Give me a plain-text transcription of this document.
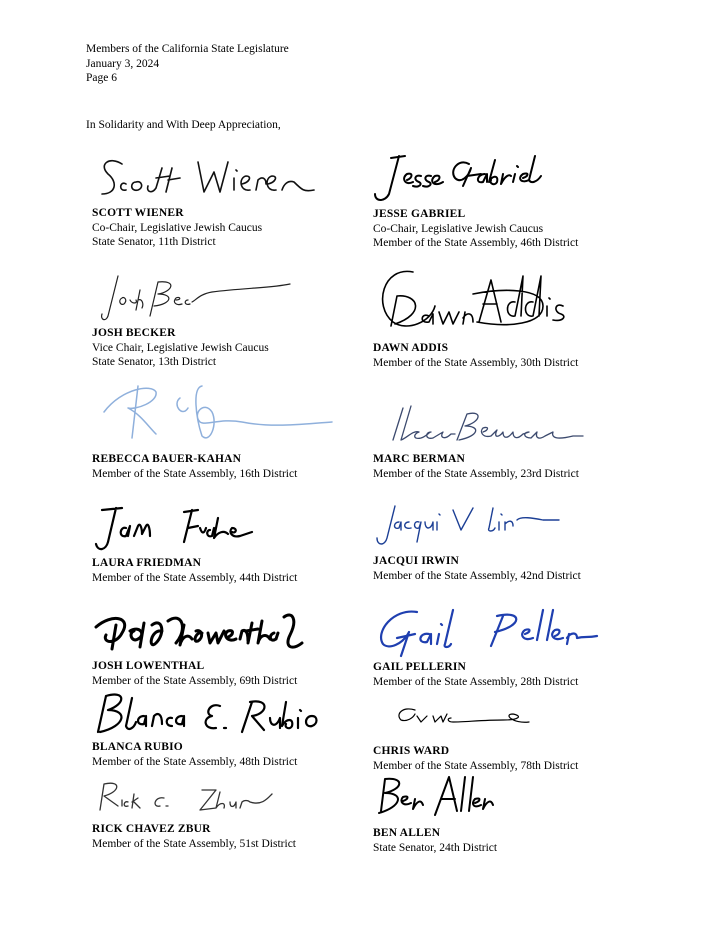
Members of the California State Legislature
January 3, 2024
Page 6
In Solidarity and With Deep Appreciation,
SCOTT WIENER
Co-Chair, Legislative Jewish Caucus
State Senator, 11th District
JOSH BECKER
Vice Chair, Legislative Jewish Caucus
State Senator, 13th District
REBECCA BAUER-KAHAN
Member of the State Assembly, 16th District
LAURA FRIEDMAN
Member of the State Assembly, 44th District
JOSH LOWENTHAL
Member of the State Assembly, 69th District
BLANCA RUBIO
Member of the State Assembly, 48th District
RICK CHAVEZ ZBUR
Member of the State Assembly, 51st District
JESSE GABRIEL
Co-Chair, Legislative Jewish Caucus
Member of the State Assembly, 46th District
DAWN ADDIS
Member of the State Assembly, 30th District
MARC BERMAN
Member of the State Assembly, 23rd District
JACQUI IRWIN
Member of the State Assembly, 42nd District
GAIL PELLERIN
Member of the State Assembly, 28th District
CHRIS WARD
Member of the State Assembly, 78th District
BEN ALLEN
State Senator, 24th District
